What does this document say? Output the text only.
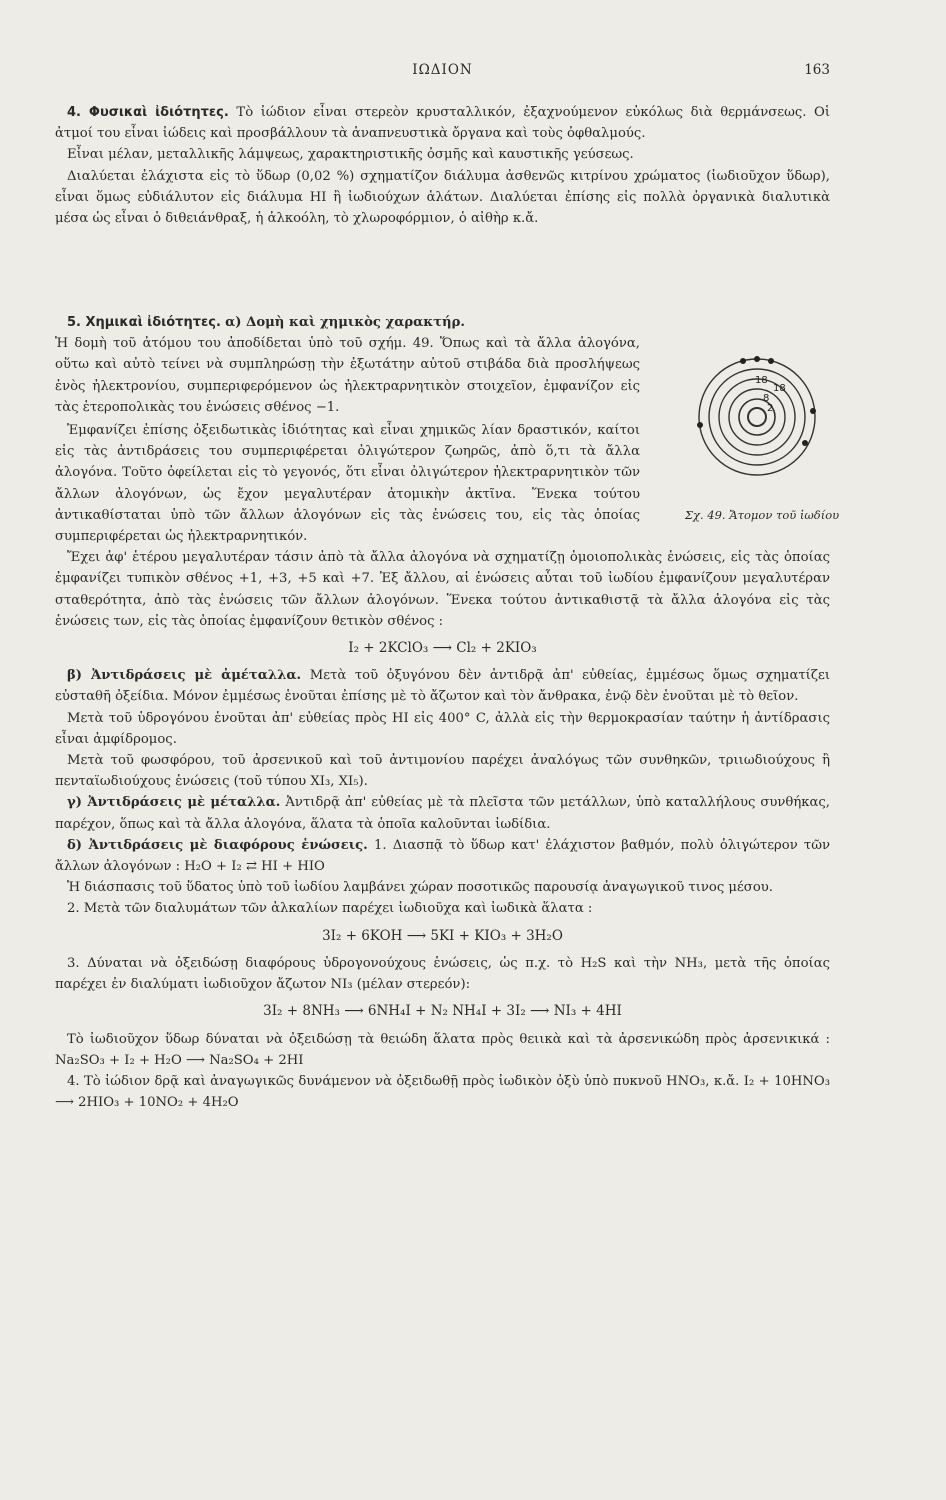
ΙΩΔΙΟΝ	163

4. Φυσικαὶ ἰδιότητες. Τὸ ἰώδιον εἶναι στερεὸν κρυσταλλικόν, ἐξαχνούμενον εὐκόλως διὰ θερμάνσεως. Οἱ ἀτμοί του εἶναι ἰώδεις καὶ προσβάλλουν τὰ ἀναπνευστικὰ ὄργανα καὶ τοὺς ὀφθαλμούς.

Εἶναι μέλαν, μεταλλικῆς λάμψεως, χαρακτηριστικῆς ὀσμῆς καὶ καυστικῆς γεύσεως.

Διαλύεται ἐλάχιστα εἰς τὸ ὕδωρ (0,02 %) σχηματίζον διάλυμα ἀσθενῶς κιτρίνου χρώματος (ἰωδιοῦχον ὕδωρ), εἶναι ὅμως εὐδιάλυτον εἰς διάλυμα HI ἢ ἰωδιούχων ἁλάτων. Διαλύεται ἐπίσης εἰς πολλὰ ὀργανικὰ διαλυτικὰ μέσα ὡς εἶναι ὁ διθειάνθραξ, ἡ ἀλκοόλη, τὸ χλωροφόρμιον, ὁ αἰθὴρ κ.ἄ.

5. Χημικαὶ ἰδιότητες. α) Δομὴ καὶ χημικὸς χαρακτήρ.

Ἡ δομὴ τοῦ ἀτόμου του ἀποδίδεται ὑπὸ τοῦ σχήμ. 49. Ὅπως καὶ τὰ ἄλλα ἀλογόνα, οὕτω καὶ αὐτὸ τείνει νὰ συμπληρώσῃ τὴν ἐξωτάτην αὐτοῦ στιβάδα διὰ προσλήψεως ἑνὸς ἠλεκτρονίου, συμπεριφερόμενον ὡς ἠλεκτραρνητικὸν στοιχεῖον, ἐμφανίζον εἰς τὰς ἑτεροπολικὰς του ἑνώσεις σθένος −1.

Ἐμφανίζει ἐπίσης ὀξειδωτικὰς ἰδιότητας καὶ εἶναι χημικῶς λίαν δραστικόν, καίτοι εἰς τὰς ἀντιδράσεις του συμπεριφέρεται ὀλιγώτερον ζωηρῶς, ἀπὸ ὅ,τι τὰ ἄλλα ἀλογόνα. Τοῦτο ὀφείλεται εἰς τὸ γεγονός, ὅτι εἶναι ὀλιγώτερον ἠλεκτραρνητικὸν τῶν ἄλλων ἀλογόνων, ὡς ἔχον μεγαλυτέραν ἀτομικὴν ἀκτῖνα. Ἕνεκα τούτου ἀντικαθίσταται ὑπὸ τῶν ἄλλων ἀλογόνων εἰς τὰς ἑνώσεις του, εἰς τὰς ὁποίας συμπεριφέρεται ὡς ἠλεκτραρνητικόν.

Ἔχει ἀφ' ἑτέρου μεγαλυτέραν τάσιν ἀπὸ τὰ ἄλλα ἀλογόνα νὰ σχηματίζῃ ὁμοιοπολικὰς ἑνώσεις, εἰς τὰς ὁποίας ἐμφανίζει τυπικὸν σθένος +1, +3, +5 καὶ +7. Ἐξ ἄλλου, αἱ ἑνώσεις αὗται τοῦ ἰωδίου ἐμφανίζουν μεγαλυτέραν σταθερότητα, ἀπὸ τὰς ἑνώσεις τῶν ἄλλων ἀλογόνων. Ἕνεκα τούτου ἀντικαθιστᾷ τὰ ἄλλα ἀλογόνα εἰς τὰς ἑνώσεις των, εἰς τὰς ὁποίας ἐμφανίζουν θετικὸν σθένος :

I₂ + 2KClO₃ ⟶ Cl₂ + 2KIO₃

β) Ἀντιδράσεις μὲ ἀμέταλλα. Μετὰ τοῦ ὀξυγόνου δὲν ἀντιδρᾷ ἀπ' εὐθείας, ἐμμέσως ὅμως σχηματίζει εὐσταθῆ ὀξείδια. Μόνον ἐμμέσως ἑνοῦται ἐπίσης μὲ τὸ ἄζωτον καὶ τὸν ἄνθρακα, ἐνῷ δὲν ἑνοῦται μὲ τὸ θεῖον.

Μετὰ τοῦ ὑδρογόνου ἑνοῦται ἀπ' εὐθείας πρὸς HI εἰς 400° C, ἀλλὰ εἰς τὴν θερμοκρασίαν ταύτην ἡ ἀντίδρασις εἶναι ἀμφίδρομος.

Μετὰ τοῦ φωσφόρου, τοῦ ἀρσενικοῦ καὶ τοῦ ἀντιμονίου παρέχει ἀναλόγως τῶν συνθηκῶν, τριιωδιούχους ἢ πενταϊωδιούχους ἑνώσεις (τοῦ τύπου XI₃, XI₅).

γ) Ἀντιδράσεις μὲ μέταλλα. Ἀντιδρᾷ ἀπ' εὐθείας μὲ τὰ πλεῖστα τῶν μετάλλων, ὑπὸ καταλλήλους συνθήκας, παρέχον, ὅπως καὶ τὰ ἄλλα ἀλογόνα, ἅλατα τὰ ὁποῖα καλοῦνται ἰωδίδια.

δ) Ἀντιδράσεις μὲ διαφόρους ἑνώσεις. 1. Διασπᾷ τὸ ὕδωρ κατ' ἐλάχιστον βαθμόν, πολὺ ὀλιγώτερον τῶν ἄλλων ἀλογόνων : H₂O + I₂ ⇄ HI + HIO

Ἡ διάσπασις τοῦ ὕδατος ὑπὸ τοῦ ἰωδίου λαμβάνει χώραν ποσοτικῶς παρουσίᾳ ἀναγωγικοῦ τινος μέσου.

2. Μετὰ τῶν διαλυμάτων τῶν ἀλκαλίων παρέχει ἰωδιοῦχα καὶ ἰωδικὰ ἅλατα :

3I₂ + 6KOH ⟶ 5KI + KIO₃ + 3H₂O

3. Δύναται νὰ ὀξειδώσῃ διαφόρους ὑδρογονούχους ἑνώσεις, ὡς π.χ. τὸ H₂S καὶ τὴν NH₃, μετὰ τῆς ὁποίας παρέχει ἐν διαλύματι ἰωδιοῦχον ἄζωτον NI₃ (μέλαν στερεόν):

3I₂ + 8NH₃ ⟶ 6NH₄I + N₂ NH₄I + 3I₂ ⟶ NI₃ + 4HI

Τὸ ἰωδιοῦχον ὕδωρ δύναται νὰ ὀξειδώσῃ τὰ θειώδη ἅλατα πρὸς θειικὰ καὶ τὰ ἀρσενικώδη πρὸς ἀρσενικικά : Na₂SO₃ + I₂ + H₂O ⟶ Na₂SO₄ + 2HI

4. Τὸ ἰώδιον δρᾷ καὶ ἀναγωγικῶς δυνάμενον νὰ ὀξειδωθῇ πρὸς ἰωδικὸν ὀξὺ ὑπὸ πυκνοῦ HNO₃, κ.ἄ. I₂ + 10HNO₃ ⟶ 2HIO₃ + 10NO₂ + 4H₂O

18
18
8
2
Σχ. 49. Ἄτομον τοῦ ἰωδίου
